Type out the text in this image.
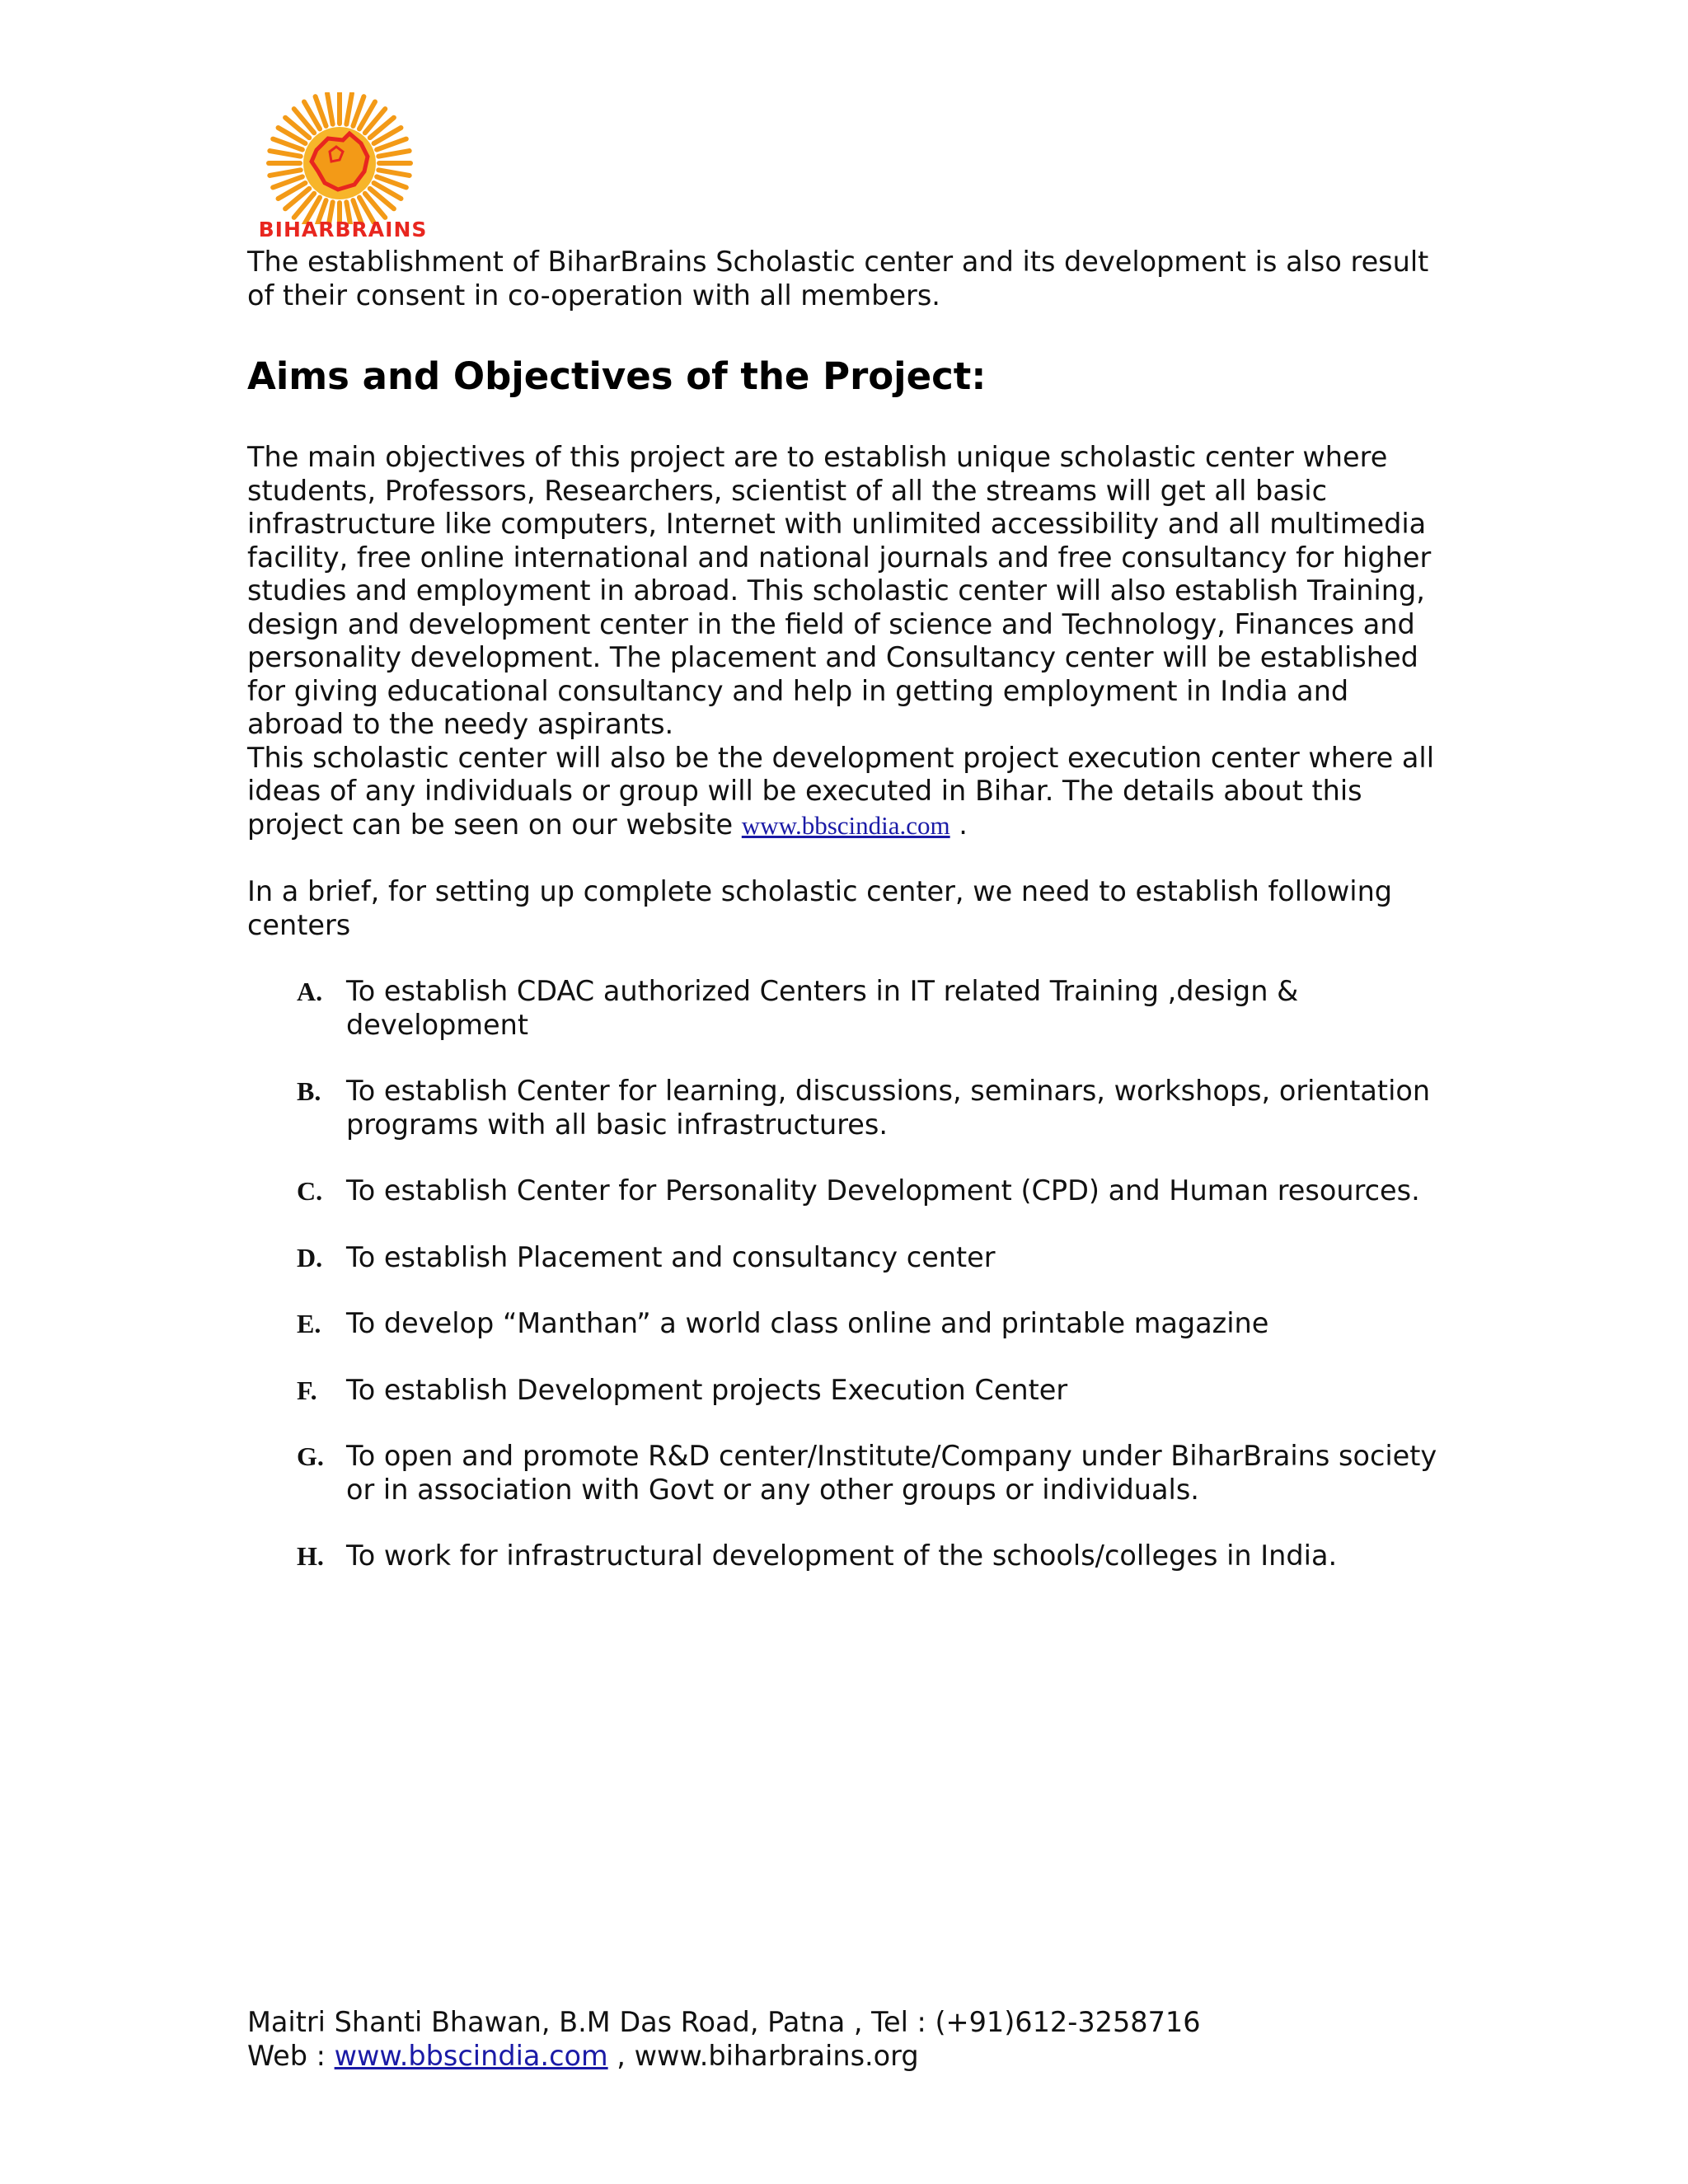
BIHARBRAINS

The establishment of BiharBrains Scholastic center and its development is also result of their consent in co-operation with all members.

Aims and Objectives of the Project:

The main objectives of this project are to establish unique scholastic center where students, Professors, Researchers, scientist of all the streams will get all basic infrastructure like computers, Internet with unlimited accessibility and all multimedia facility, free online international and national journals and free consultancy for higher studies and employment in abroad. This scholastic center will also establish Training, design and development center in the field of science and Technology, Finances and personality development. The placement and Consultancy center will be established for giving educational consultancy and help in getting employment in India and abroad to the needy aspirants.

This scholastic center will also be the development project execution center where all ideas of any individuals or group will be executed in Bihar. The details about this project can be seen on our website www.bbscindia.com .

In a brief, for setting up complete scholastic center, we need to establish following centers

A. To establish CDAC authorized Centers in IT related Training ,design & development
B. To establish Center for learning, discussions, seminars, workshops, orientation programs with all basic infrastructures.
C. To establish Center for Personality Development (CPD) and Human resources.
D. To establish Placement and consultancy center
E. To develop “Manthan” a world class online and printable magazine
F. To establish Development projects Execution Center
G. To open and promote R&D center/Institute/Company under BiharBrains society or in association with Govt or any other groups or individuals.
H. To work for infrastructural development of the schools/colleges in India.
Maitri Shanti Bhawan, B.M Das Road, Patna , Tel : (+91)612-3258716
Web : www.bbscindia.com , www.biharbrains.org
